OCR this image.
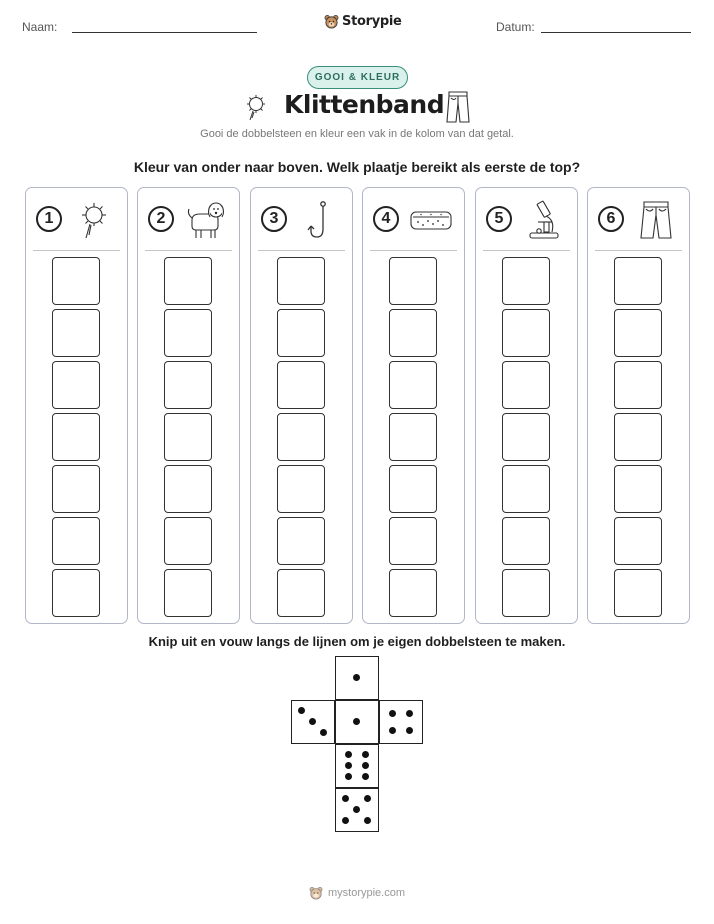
Naam:	Storypie	Datum:
GOOI & KLEUR
Klittenband
Gooi de dobbelsteen en kleur een vak in de kolom van dat getal.
Kleur van onder naar boven. Welk plaatje bereikt als eerste de top?
1	2	3	4	5	6
Knip uit en vouw langs de lijnen om je eigen dobbelsteen te maken.
mystorypie.com
